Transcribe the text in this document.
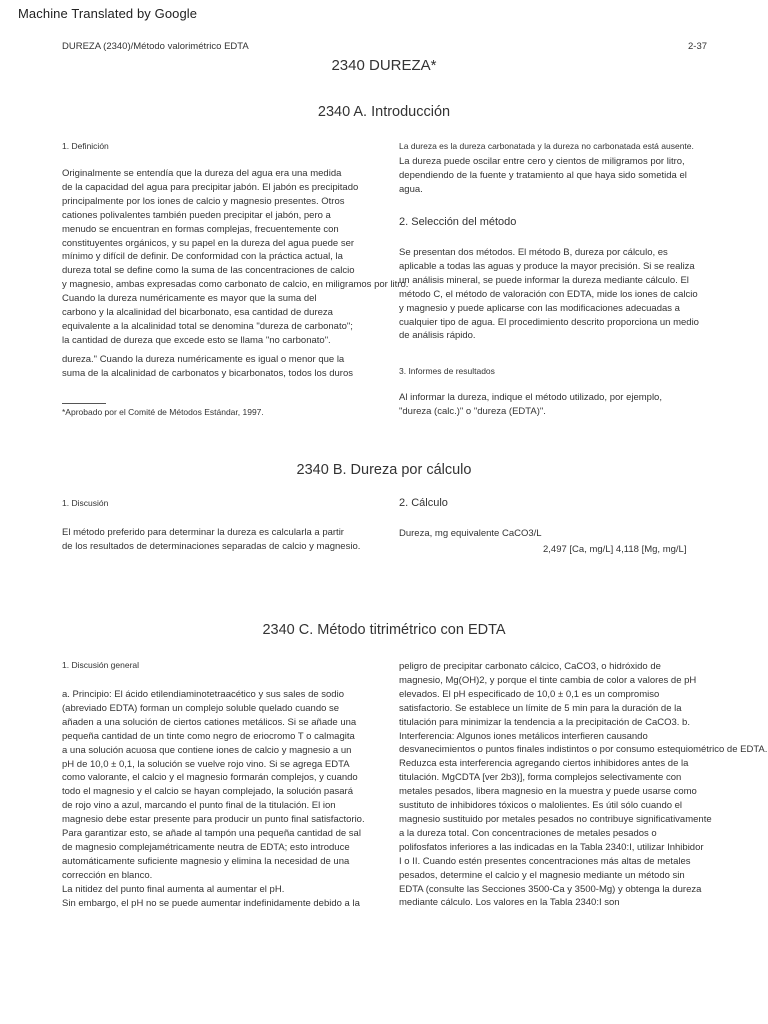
Machine Translated by Google
DUREZA (2340)/Método valorimétrico EDTA	2-37
2340 DUREZA*
2340 A. Introducción
1. Definición
Originalmente se entendía que la dureza del agua era una medida
de la capacidad del agua para precipitar jabón. El jabón es precipitado
principalmente por los iones de calcio y magnesio presentes. Otros
cationes polivalentes también pueden precipitar el jabón, pero a
menudo se encuentran en formas complejas, frecuentemente con
constituyentes orgánicos, y su papel en la dureza del agua puede ser
mínimo y difícil de definir. De conformidad con la práctica actual, la
dureza total se define como la suma de las concentraciones de calcio
y magnesio, ambas expresadas como carbonato de calcio, en miligramos por litro.
Cuando la dureza numéricamente es mayor que la suma del
carbono y la alcalinidad del bicarbonato, esa cantidad de dureza
equivalente a la alcalinidad total se denomina "dureza de carbonato";
la cantidad de dureza que excede esto se llama "no carbonato".
dureza." Cuando la dureza numéricamente es igual o menor que la
suma de la alcalinidad de carbonatos y bicarbonatos, todos los duros
*Aprobado por el Comité de Métodos Estándar, 1997.
La dureza es la dureza carbonatada y la dureza no carbonatada está ausente.
La dureza puede oscilar entre cero y cientos de miligramos por litro,
dependiendo de la fuente y tratamiento al que haya sido sometida el
agua.
2. Selección del método
Se presentan dos métodos. El método B, dureza por cálculo, es
aplicable a todas las aguas y produce la mayor precisión. Si se realiza
un análisis mineral, se puede informar la dureza mediante cálculo. El
método C, el método de valoración con EDTA, mide los iones de calcio
y magnesio y puede aplicarse con las modificaciones adecuadas a
cualquier tipo de agua. El procedimiento descrito proporciona un medio
de análisis rápido.
3. Informes de resultados
Al informar la dureza, indique el método utilizado, por ejemplo,
"dureza (calc.)" o "dureza (EDTA)".
2340 B. Dureza por cálculo
1. Discusión
El método preferido para determinar la dureza es calcularla a partir
de los resultados de determinaciones separadas de calcio y magnesio.
2. Cálculo
Dureza, mg equivalente CaCO3/L
2,497 [Ca, mg/L] 4,118 [Mg, mg/L]
2340 C. Método titrimétrico con EDTA
1. Discusión general
a. Principio: El ácido etilendiaminotetraacético y sus sales de sodio
(abreviado EDTA) forman un complejo soluble quelado cuando se
añaden a una solución de ciertos cationes metálicos. Si se añade una
pequeña cantidad de un tinte como negro de eriocromo T o calmagita
a una solución acuosa que contiene iones de calcio y magnesio a un
pH de 10,0 ± 0,1, la solución se vuelve rojo vino. Si se agrega EDTA
como valorante, el calcio y el magnesio formarán complejos, y cuando
todo el magnesio y el calcio se hayan complejado, la solución pasará
de rojo vino a azul, marcando el punto final de la titulación. El ion
magnesio debe estar presente para producir un punto final satisfactorio.
Para garantizar esto, se añade al tampón una pequeña cantidad de sal
de magnesio complejamétricamente neutra de EDTA; esto introduce
automáticamente suficiente magnesio y elimina la necesidad de una
corrección en blanco.
La nitidez del punto final aumenta al aumentar el pH.
Sin embargo, el pH no se puede aumentar indefinidamente debido a la
peligro de precipitar carbonato cálcico, CaCO3, o hidróxido de
magnesio, Mg(OH)2, y porque el tinte cambia de color a valores de pH
elevados. El pH especificado de 10,0 ± 0,1 es un compromiso
satisfactorio. Se establece un límite de 5 min para la duración de la
titulación para minimizar la tendencia a la precipitación de CaCO3. b.
Interferencia: Algunos iones metálicos interfieren causando
desvanecimientos o puntos finales indistintos o por consumo estequiométrico de EDTA.
Reduzca esta interferencia agregando ciertos inhibidores antes de la
titulación. MgCDTA [ver 2b3)], forma complejos selectivamente con
metales pesados, libera magnesio en la muestra y puede usarse como
sustituto de inhibidores tóxicos o malolientes. Es útil sólo cuando el
magnesio sustituido por metales pesados no contribuye significativamente
a la dureza total. Con concentraciones de metales pesados o
polifosfatos inferiores a las indicadas en la Tabla 2340:I, utilizar Inhibidor
I o II. Cuando estén presentes concentraciones más altas de metales
pesados, determine el calcio y el magnesio mediante un método sin
EDTA (consulte las Secciones 3500-Ca y 3500-Mg) y obtenga la dureza
mediante cálculo. Los valores en la Tabla 2340:I son
